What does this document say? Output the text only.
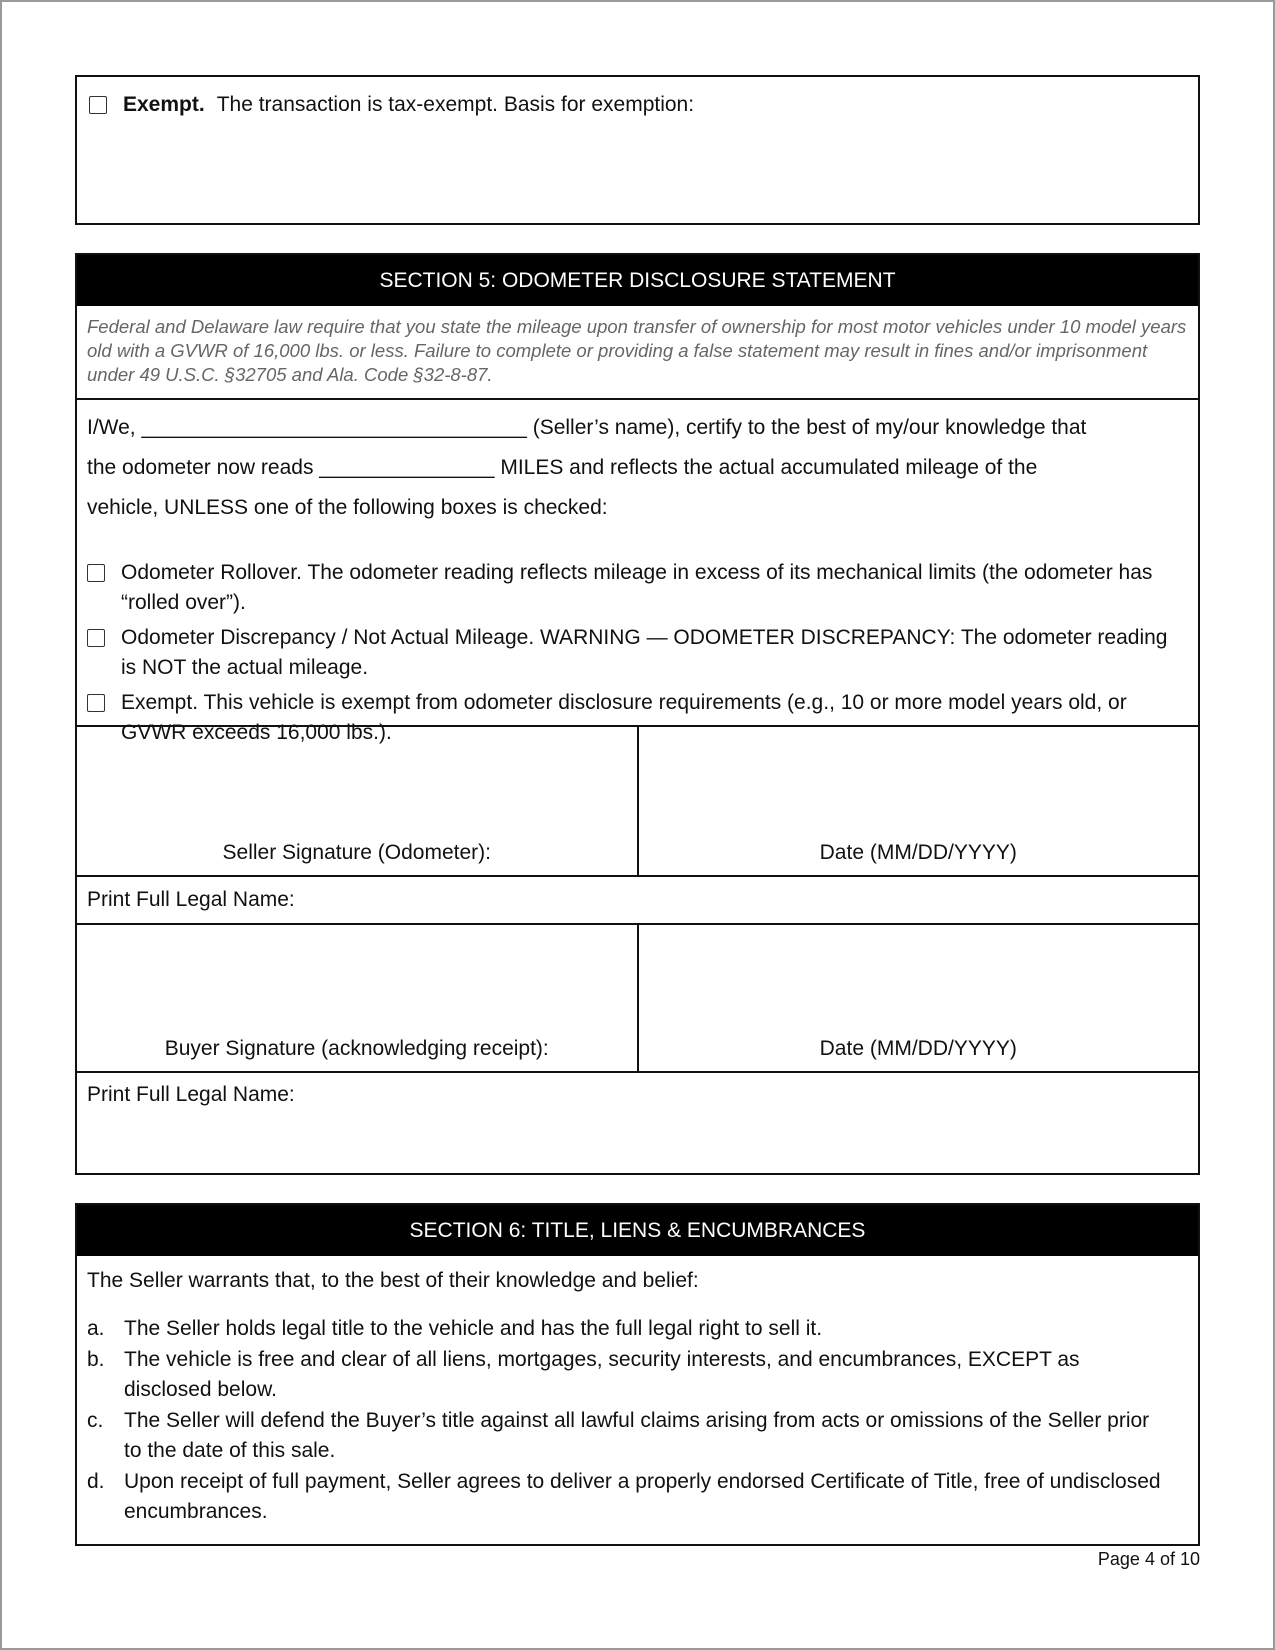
Exempt. The transaction is tax-exempt. Basis for exemption:
SECTION 5: ODOMETER DISCLOSURE STATEMENT
Federal and Delaware law require that you state the mileage upon transfer of ownership for most motor vehicles under 10 model years old with a GVWR of 16,000 lbs. or less. Failure to complete or providing a false statement may result in fines and/or imprisonment under 49 U.S.C. §32705 and Ala. Code §32-8-87.

I/We, _________________________________ (Seller’s name), certify to the best of my/our knowledge that

the odometer now reads _______________ MILES and reflects the actual accumulated mileage of the

vehicle, UNLESS one of the following boxes is checked:

Odometer Rollover. The odometer reading reflects mileage in excess of its mechanical limits (the odometer has “rolled over”).
Odometer Discrepancy / Not Actual Mileage. WARNING — ODOMETER DISCREPANCY: The odometer reading is NOT the actual mileage.
Exempt. This vehicle is exempt from odometer disclosure requirements (e.g., 10 or more model years old, or GVWR exceeds 16,000 lbs.).
Seller Signature (Odometer):	Date (MM/DD/YYYY)
Print Full Legal Name:
Buyer Signature (acknowledging receipt):	Date (MM/DD/YYYY)
Print Full Legal Name:
SECTION 6: TITLE, LIENS & ENCUMBRANCES
The Seller warrants that, to the best of their knowledge and belief:
a. The Seller holds legal title to the vehicle and has the full legal right to sell it.
b. The vehicle is free and clear of all liens, mortgages, security interests, and encumbrances, EXCEPT as disclosed below.
c. The Seller will defend the Buyer’s title against all lawful claims arising from acts or omissions of the Seller prior to the date of this sale.
d. Upon receipt of full payment, Seller agrees to deliver a properly endorsed Certificate of Title, free of undisclosed encumbrances.
Page 4 of 10
